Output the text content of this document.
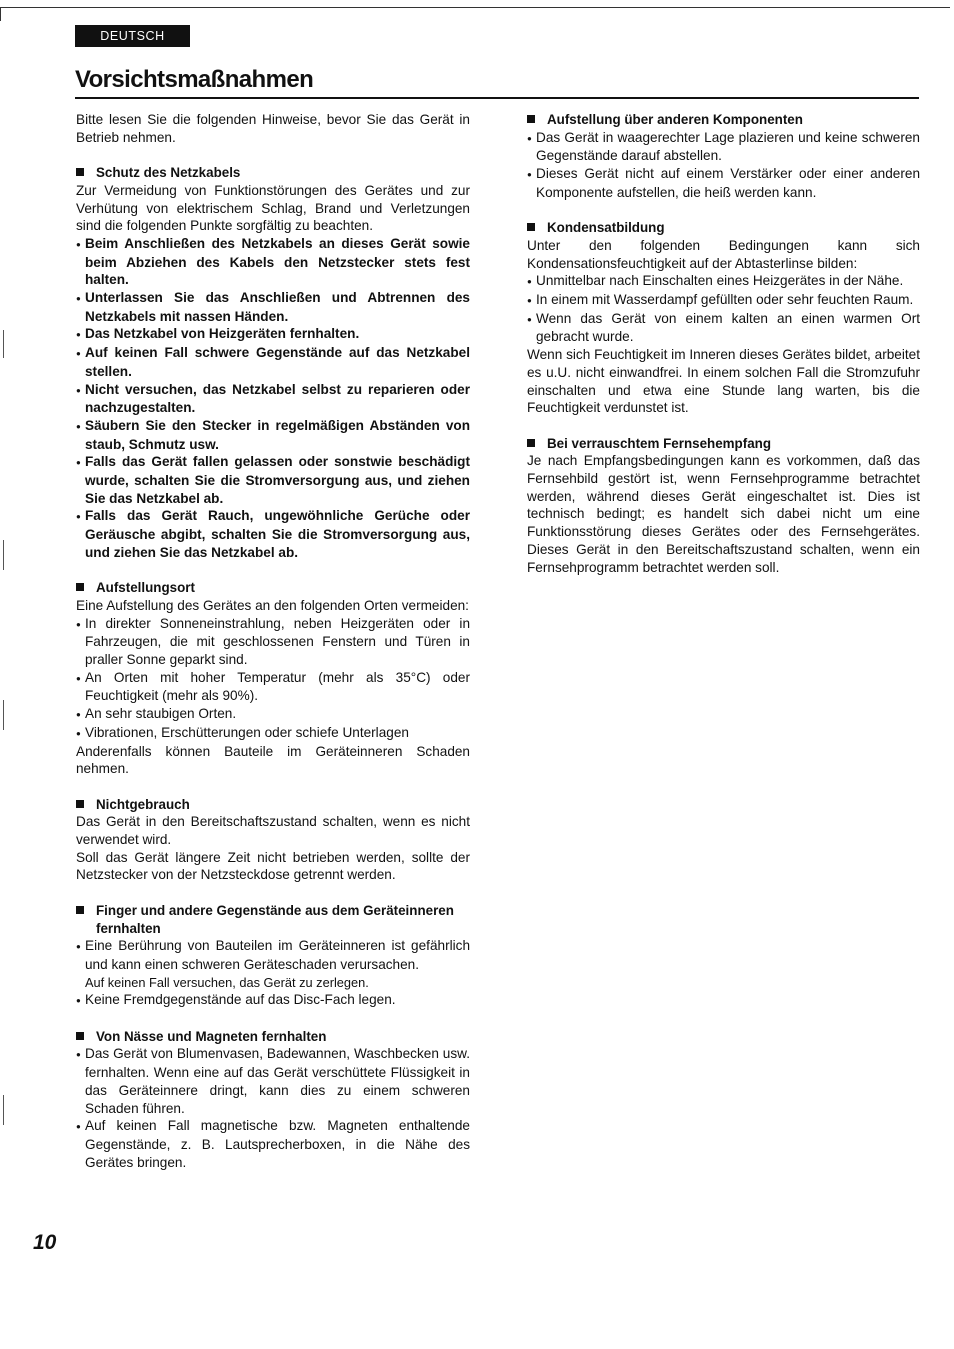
DEUTSCH
Vorsichtsmaßnahmen

Bitte lesen Sie die folgenden Hinweise, bevor Sie das Gerät in Betrieb nehmen.

Schutz des Netzkabels

Zur Vermeidung von Funktionstörungen des Gerätes und zur Verhütung von elektrischem Schlag, Brand und Verletzungen sind die folgenden Punkte sorgfältig zu beachten.

● Beim Anschließen des Netzkabels an dieses Gerät sowie beim Abziehen des Kabels den Netzstecker stets fest halten.
● Unterlassen Sie das Anschließen und Abtrennen des Netzkabels mit nassen Händen.
● Das Netzkabel von Heizgeräten fernhalten.
● Auf keinen Fall schwere Gegenstände auf das Netzkabel stellen.
● Nicht versuchen, das Netzkabel selbst zu reparieren oder nachzugestalten.
● Säubern Sie den Stecker in regelmäßigen Abständen von staub, Schmutz usw.
● Falls das Gerät fallen gelassen oder sonstwie beschädigt wurde, schalten Sie die Stromversorgung aus, und ziehen Sie das Netzkabel ab.
● Falls das Gerät Rauch, ungewöhnliche Gerüche oder Geräusche abgibt, schalten Sie die Stromversorgung aus, und ziehen Sie das Netzkabel ab.
Aufstellungsort

Eine Aufstellung des Gerätes an den folgenden Orten vermeiden:

● In direkter Sonneneinstrahlung, neben Heizgeräten oder in Fahrzeugen, die mit geschlossenen Fenstern und Türen in praller Sonne geparkt sind.
● An Orten mit hoher Temperatur (mehr als 35°C) oder Feuchtigkeit (mehr als 90%).
● An sehr staubigen Orten.
● Vibrationen, Erschütterungen oder schiefe Unterlagen

Anderenfalls können Bauteile im Geräteinneren Schaden nehmen.

Nichtgebrauch

Das Gerät in den Bereitschaftszustand schalten, wenn es nicht verwendet wird.

Soll das Gerät längere Zeit nicht betrieben werden, sollte der Netzstecker von der Netzsteckdose getrennt werden.

Finger und andere Gegenstände aus dem Geräteinneren fernhalten
● Eine Berührung von Bauteilen im Geräteinneren ist gefährlich und kann einen schweren Geräteschaden verursachen.
Auf keinen Fall versuchen, das Gerät zu zerlegen.
● Keine Fremdgegenstände auf das Disc-Fach legen.
Von Nässe und Magneten fernhalten
● Das Gerät von Blumenvasen, Badewannen, Waschbecken usw. fernhalten. Wenn eine auf das Gerät verschüttete Flüssigkeit in das Geräteinnere dringt, kann dies zu einem schweren Schaden führen.
● Auf keinen Fall magnetische bzw. Magneten enthaltende Gegenstände, z. B. Lautsprecherboxen, in die Nähe des Gerätes bringen.
Aufstellung über anderen Komponenten
● Das Gerät in waagerechter Lage plazieren und keine schweren Gegenstände darauf abstellen.
● Dieses Gerät nicht auf einem Verstärker oder einer anderen Komponente aufstellen, die heiß werden kann.
Kondensatbildung

Unter den folgenden Bedingungen kann sich Kondensationsfeuchtigkeit auf der Abtasterlinse bilden:

● Unmittelbar nach Einschalten eines Heizgerätes in der Nähe.
● In einem mit Wasserdampf gefüllten oder sehr feuchten Raum.
● Wenn das Gerät von einem kalten an einen warmen Ort gebracht wurde.

Wenn sich Feuchtigkeit im Inneren dieses Gerätes bildet, arbeitet es u.U. nicht einwandfrei. In einem solchen Fall die Stromzufuhr einschalten und etwa eine Stunde lang warten, bis die Feuchtigkeit verdunstet ist.

Bei verrauschtem Fernsehempfang

Je nach Empfangsbedingungen kann es vorkommen, daß das Fernsehbild gestört ist, wenn Fernsehprogramme betrachtet werden, während dieses Gerät eingeschaltet ist. Dies ist technisch bedingt; es handelt sich dabei nicht um eine Funktionsstörung dieses Gerätes oder des Fernsehgerätes. Dieses Gerät in den Bereitschaftszustand schalten, wenn ein Fernsehprogramm betrachtet werden soll.

10
